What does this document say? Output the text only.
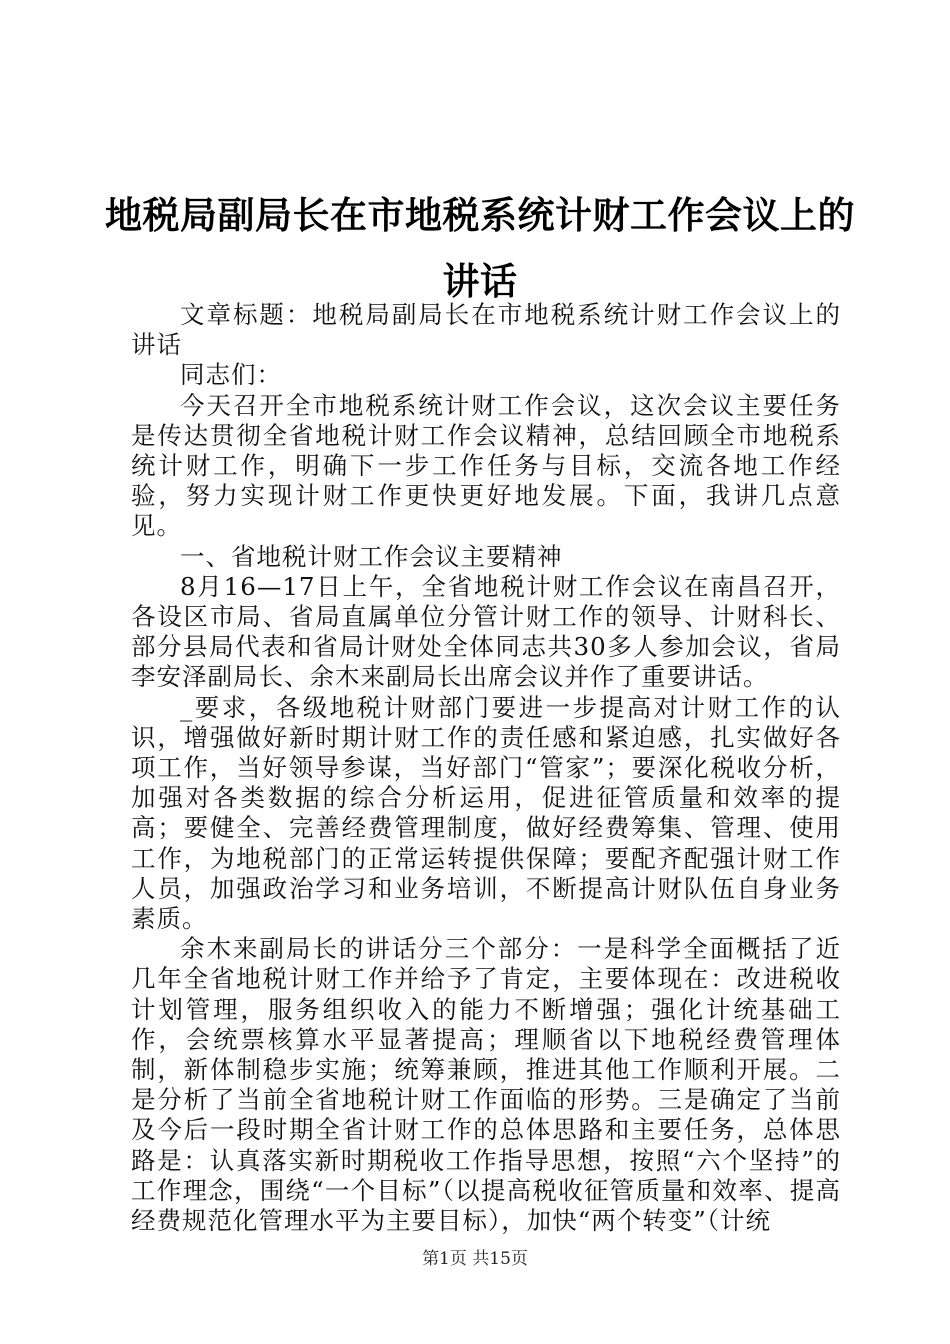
地税局副局长在市地税系统计财工作会议上的讲话

文章标题：地税局副局长在市地税系统计财工作会议上的讲话

同志们：

今天召开全市地税系统计财工作会议，这次会议主要任务是传达贯彻全省地税计财工作会议精神，总结回顾全市地税系统计财工作，明确下一步工作任务与目标，交流各地工作经验，努力实现计财工作更快更好地发展。下面，我讲几点意见。

一、省地税计财工作会议主要精神

8月16—17日上午，全省地税计财工作会议在南昌召开，各设区市局、省局直属单位分管计财工作的领导、计财科长、部分县局代表和省局计财处全体同志共30多人参加会议，省局李安泽副局长、余木来副局长出席会议并作了重要讲话。

_要求，各级地税计财部门要进一步提高对计财工作的认识，增强做好新时期计财工作的责任感和紧迫感，扎实做好各项工作，当好领导参谋，当好部门“管家”；要深化税收分析，加强对各类数据的综合分析运用，促进征管质量和效率的提高；要健全、完善经费管理制度，做好经费筹集、管理、使用工作，为地税部门的正常运转提供保障；要配齐配强计财工作人员，加强政治学习和业务培训，不断提高计财队伍自身业务素质。

余木来副局长的讲话分三个部分：一是科学全面概括了近几年全省地税计财工作并给予了肯定，主要体现在：改进税收计划管理，服务组织收入的能力不断增强；强化计统基础工作，会统票核算水平显著提高；理顺省以下地税经费管理体制，新体制稳步实施；统筹兼顾，推进其他工作顺利开展。二是分析了当前全省地税计财工作面临的形势。三是确定了当前及今后一段时期全省计财工作的总体思路和主要任务，总体思路是：认真落实新时期税收工作指导思想，按照“六个坚持”的工作理念，围绕“一个目标”（以提高税收征管质量和效率、提高经费规范化管理水平为主要目标），加快“两个转变”（计统

第1页 共15页
